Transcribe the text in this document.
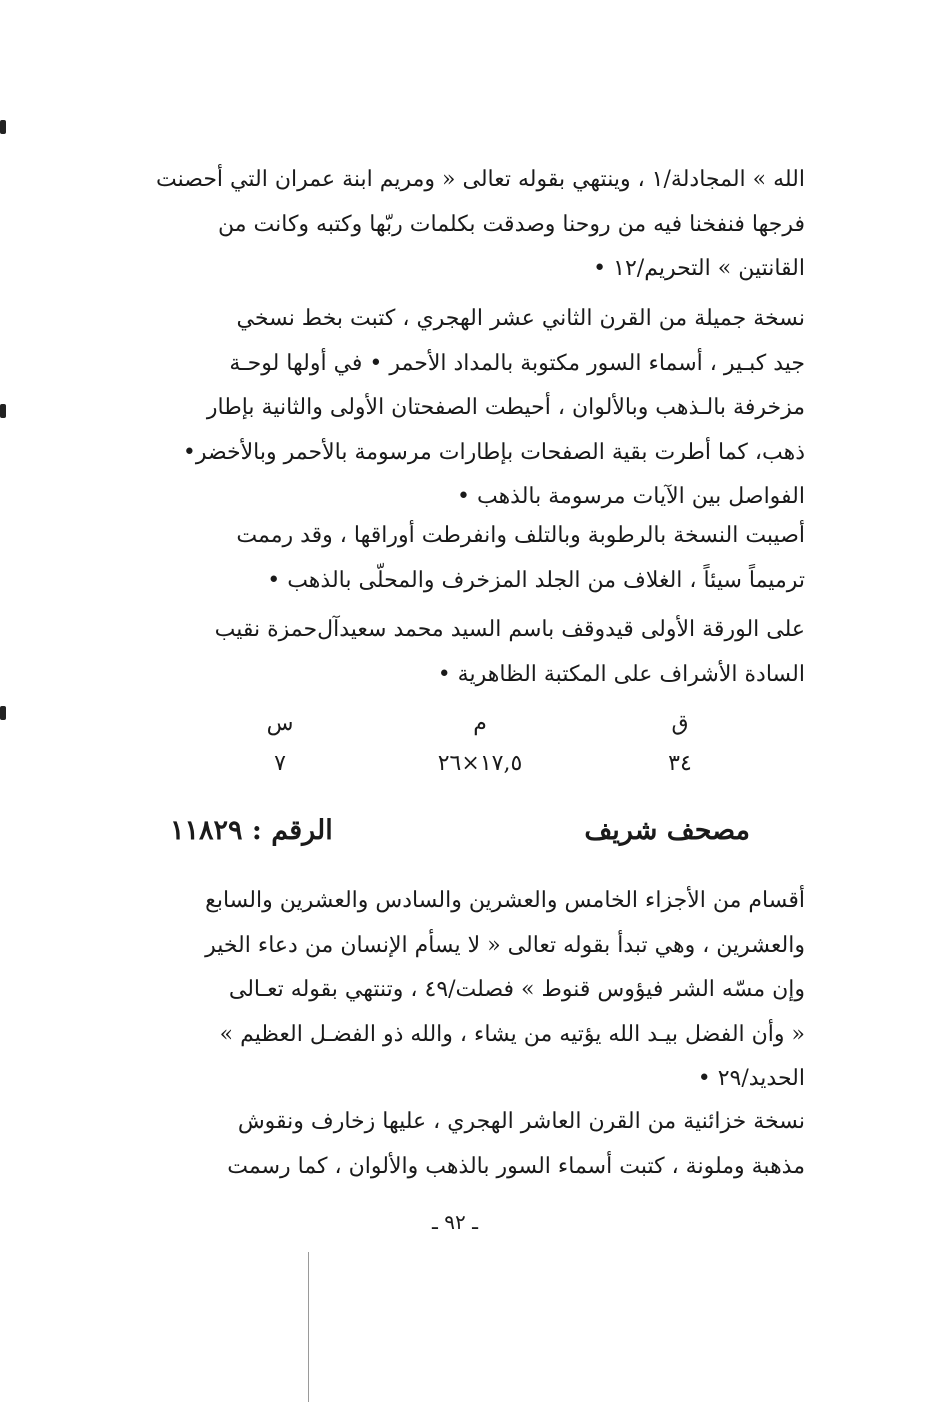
الله » المجادلة/١ ، وينتهي بقوله تعالى « ومريم ابنة عمران التي أحصنت
فرجها فنفخنا فيه من روحنا وصدقت بكلمات ربّها وكتبه وكانت من
القانتين » التحريم/١٢ •
نسخة جميلة من القرن الثاني عشر الهجري ، كتبت بخط نسخي
جيد كبـير ، أسماء السور مكتوبة بالمداد الأحمر • في أولها لوحـة
مزخرفة بالـذهب وبالألوان ، أحيطت الصفحتان الأولى والثانية بإطار
ذهب، كما أطرت بقية الصفحات بإطارات مرسومة بالأحمر وبالأخضر•
الفواصل بين الآيات مرسومة بالذهب •
أصيبت النسخة بالرطوبة وبالتلف وانفرطت أوراقها ، وقد رممت
ترميماً سيئاً ، الغلاف من الجلد المزخرف والمحلّى بالذهب •
على الورقة الأولى قيدوقف باسم السيد محمد سعيدآل‌حمزة نقيب
السادة الأشراف على المكتبة الظاهرية •
ق
م
س
٣٤
١٧,٥×٢٦
٧
مصحف شريف
الرقم : ١١٨٢٩
أقسام من الأجزاء الخامس والعشرين والسادس والعشرين والسابع
والعشرين ، وهي تبدأ بقوله تعالى « لا يسأم الإنسان من دعاء الخير
وإن مسّه الشر فيؤوس قنوط » فصلت/٤٩ ، وتنتهي بقوله تعـالى
« وأن الفضل بيـد الله يؤتيه من يشاء ، والله ذو الفضـل العظيم »
الحديد/٢٩ •
نسخة خزائنية من القرن العاشر الهجري ، عليها زخارف ونقوش
مذهبة وملونة ، كتبت أسماء السور بالذهب والألوان ، كما رسمت
ـ ٩٢ ـ
